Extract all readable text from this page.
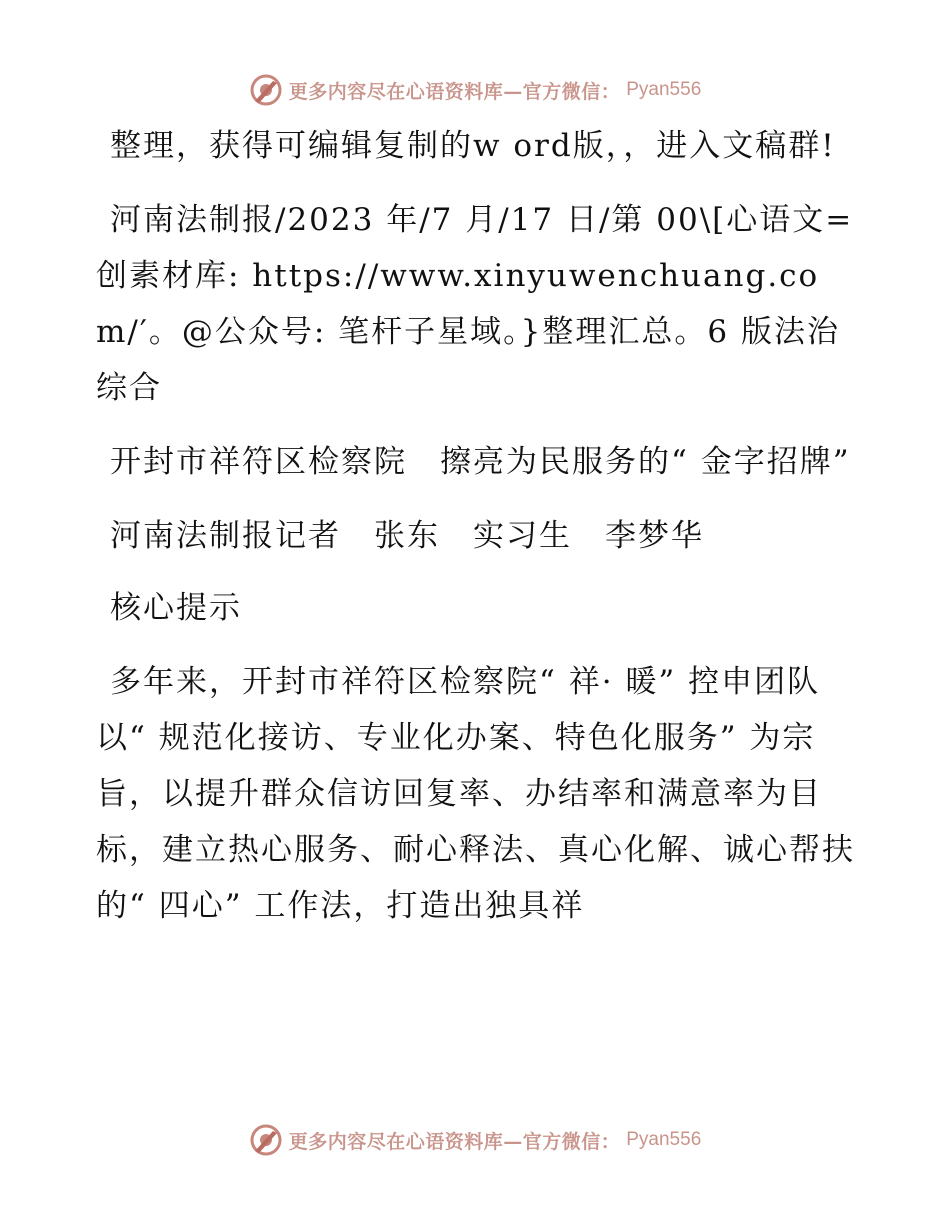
更多内容尽在心语资料库—官方微信： Pyan556

整理，获得可编辑复制的w ord版，，进入文稿群!

河南法制报/2023 年/7 月/17 日/第 00\[心语文=创素材库: https://www.xinyuwenchuang.com/′。@公众号: 笔杆子星域。}整理汇总。6 版法治综合

开封市祥符区检察院　擦亮为民服务的“ 金字招牌”

河南法制报记者　张东　实习生　李梦华

核心提示

多年来，开封市祥符区检察院“ 祥· 暖” 控申团队以“ 规范化接访、专业化办案、特色化服务” 为宗旨，以提升群众信访回复率、办结率和满意率为目标，建立热心服务、耐心释法、真心化解、诚心帮扶的“ 四心” 工作法，打造出独具祥

更多内容尽在心语资料库—官方微信： Pyan556
